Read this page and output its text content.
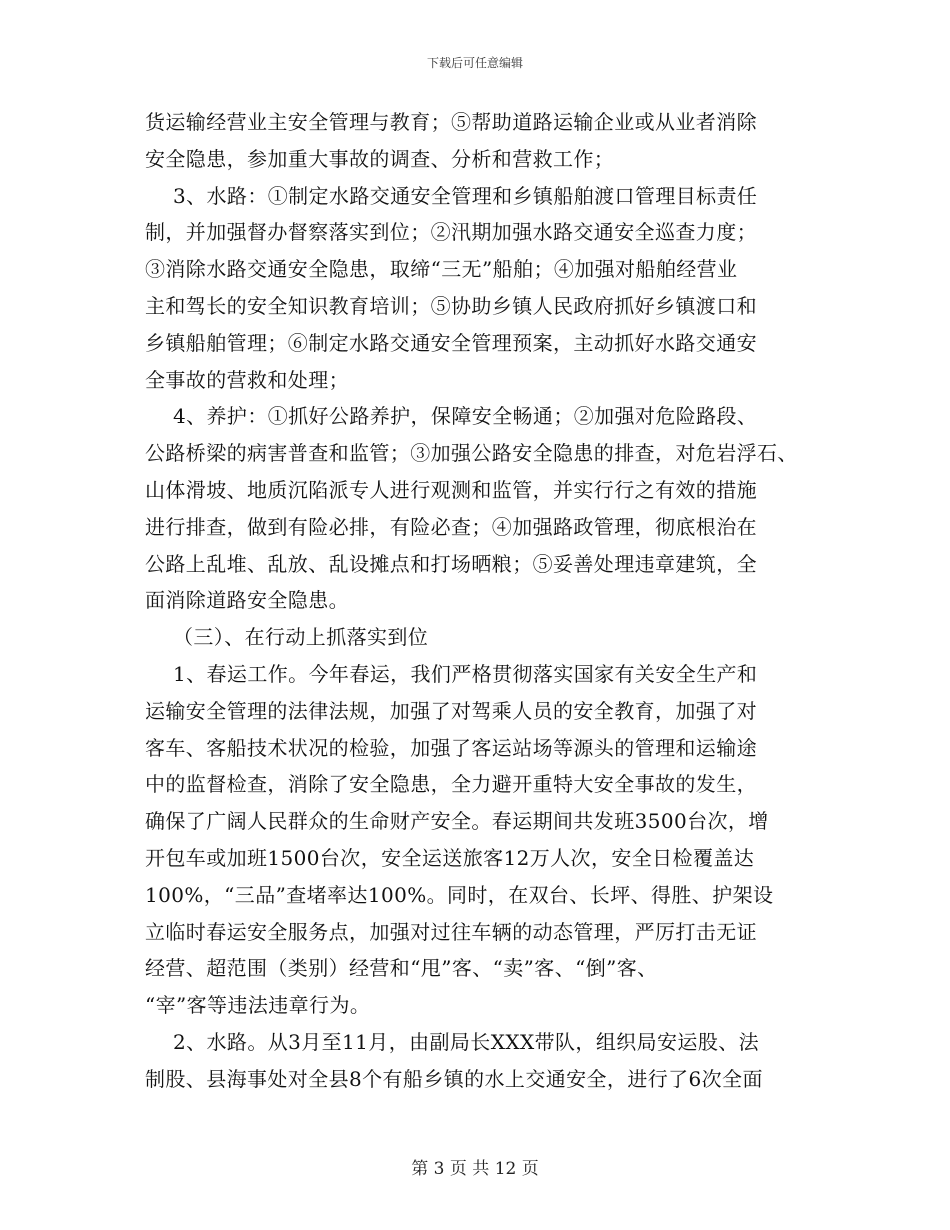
下载后可任意编辑
货运输经营业主安全管理与教育；⑤帮助道路运输企业或从业者消除
安全隐患，参加重大事故的调查、分析和营救工作；
3、水路：①制定水路交通安全管理和乡镇船舶渡口管理目标责任
制，并加强督办督察落实到位；②汛期加强水路交通安全巡查力度；
③消除水路交通安全隐患，取缔“三无”船舶；④加强对船舶经营业
主和驾长的安全知识教育培训；⑤协助乡镇人民政府抓好乡镇渡口和
乡镇船舶管理；⑥制定水路交通安全管理预案，主动抓好水路交通安
全事故的营救和处理；
4、养护：①抓好公路养护，保障安全畅通；②加强对危险路段、
公路桥梁的病害普查和监管；③加强公路安全隐患的排查，对危岩浮石、
山体滑坡、地质沉陷派专人进行观测和监管，并实行行之有效的措施
进行排查，做到有险必排，有险必查；④加强路政管理，彻底根治在
公路上乱堆、乱放、乱设摊点和打场晒粮；⑤妥善处理违章建筑，全
面消除道路安全隐患。
（三）、在行动上抓落实到位
1、春运工作。今年春运，我们严格贯彻落实国家有关安全生产和
运输安全管理的法律法规，加强了对驾乘人员的安全教育，加强了对
客车、客船技术状况的检验，加强了客运站场等源头的管理和运输途
中的监督检查，消除了安全隐患，全力避开重特大安全事故的发生，
确保了广阔人民群众的生命财产安全。春运期间共发班3500台次，增
开包车或加班1500台次，安全运送旅客12万人次，安全日检覆盖达
100%，“三品”查堵率达100%。同时，在双台、长坪、得胜、护架设
立临时春运安全服务点，加强对过往车辆的动态管理，严厉打击无证
经营、超范围（类别）经营和“甩”客、“卖”客、“倒”客、
“宰”客等违法违章行为。
2、水路。从3月至11月，由副局长XXX带队，组织局安运股、法
制股、县海事处对全县8个有船乡镇的水上交通安全，进行了6次全面
第 3 页 共 12 页
